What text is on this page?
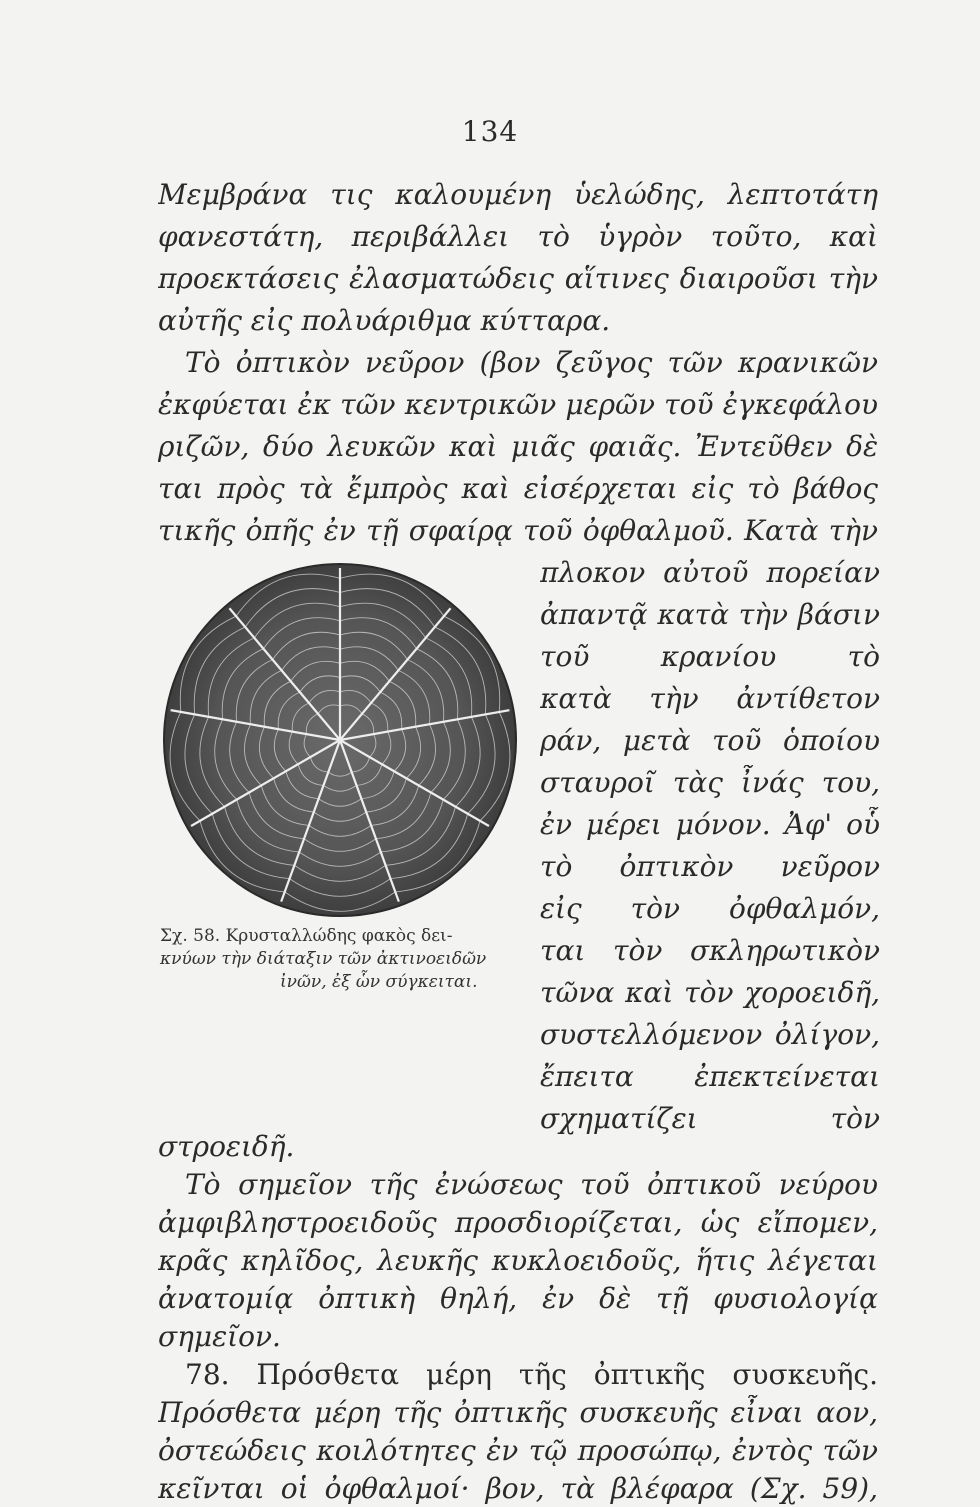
134
Μεμβράνα τις καλουμένη ὑελώδης, λεπτοτάτη
φανεστάτη, περιβάλλει τὸ ὑγρὸν τοῦτο, καὶ
προεκτάσεις ἐλασματώδεις αἵτινες διαιροῦσι τὴν
αὐτῆς εἰς πολυάριθμα κύτταρα.
Τὸ ὀπτικὸν νεῦρον (βον ζεῦγος τῶν κρανικῶν
ἐκφύεται ἐκ τῶν κεντρικῶν μερῶν τοῦ ἐγκεφάλου
ριζῶν, δύο λευκῶν καὶ μιᾶς φαιᾶς. Ἐντεῦθεν δὲ
ται πρὸς τὰ ἔμπρὸς καὶ εἰσέρχεται εἰς τὸ βάθος
τικῆς ὀπῆς ἐν τῇ σφαίρᾳ τοῦ ὀφθαλμοῦ. Κατὰ τὴν
πλοκον αὐτοῦ πορείαν
ἀπαντᾷ κατὰ τὴν βάσιν
τοῦ κρανίου τὸ
κατὰ τὴν ἀντίθετον
ράν, μετὰ τοῦ ὁποίου
σταυροῖ τὰς ἶνάς του,
ἐν μέρει μόνον. Ἀφ' οὗ
τὸ ὀπτικὸν νεῦρον
εἰς τὸν ὀφθαλμόν,
ται τὸν σκληρωτικὸν
τῶνα καὶ τὸν χοροειδῆ,
συστελλόμενον ὀλίγον,
ἔπειτα ἐπεκτείνεται
σχηματίζει τὸν
Σχ. 58. Κρυσταλλώδης φακὸς δει-
κνύων τὴν διάταξιν τῶν ἀκτινοειδῶν
ἰνῶν, ἐξ ὧν σύγκειται.
στροειδῆ.
Τὸ σημεῖον τῆς ἐνώσεως τοῦ ὀπτικοῦ νεύρου
ἀμφιβληστροειδοῦς προσδιορίζεται, ὡς εἴπομεν,
κρᾶς κηλῖδος, λευκῆς κυκλοειδοῦς, ἥτις λέγεται
ἀνατομίᾳ ὀπτικὴ θηλή, ἐν δὲ τῇ φυσιολογίᾳ
σημεῖον.
78. Πρόσθετα μέρη τῆς ὀπτικῆς συσκευῆς.
Πρόσθετα μέρη τῆς ὀπτικῆς συσκευῆς εἶναι αον,
ὀστεώδεις κοιλότητες ἐν τῷ προσώπῳ, ἐντὸς τῶν
κεῖνται οἱ ὀφθαλμοί· βον, τὰ βλέφαρα (Σχ. 59),
